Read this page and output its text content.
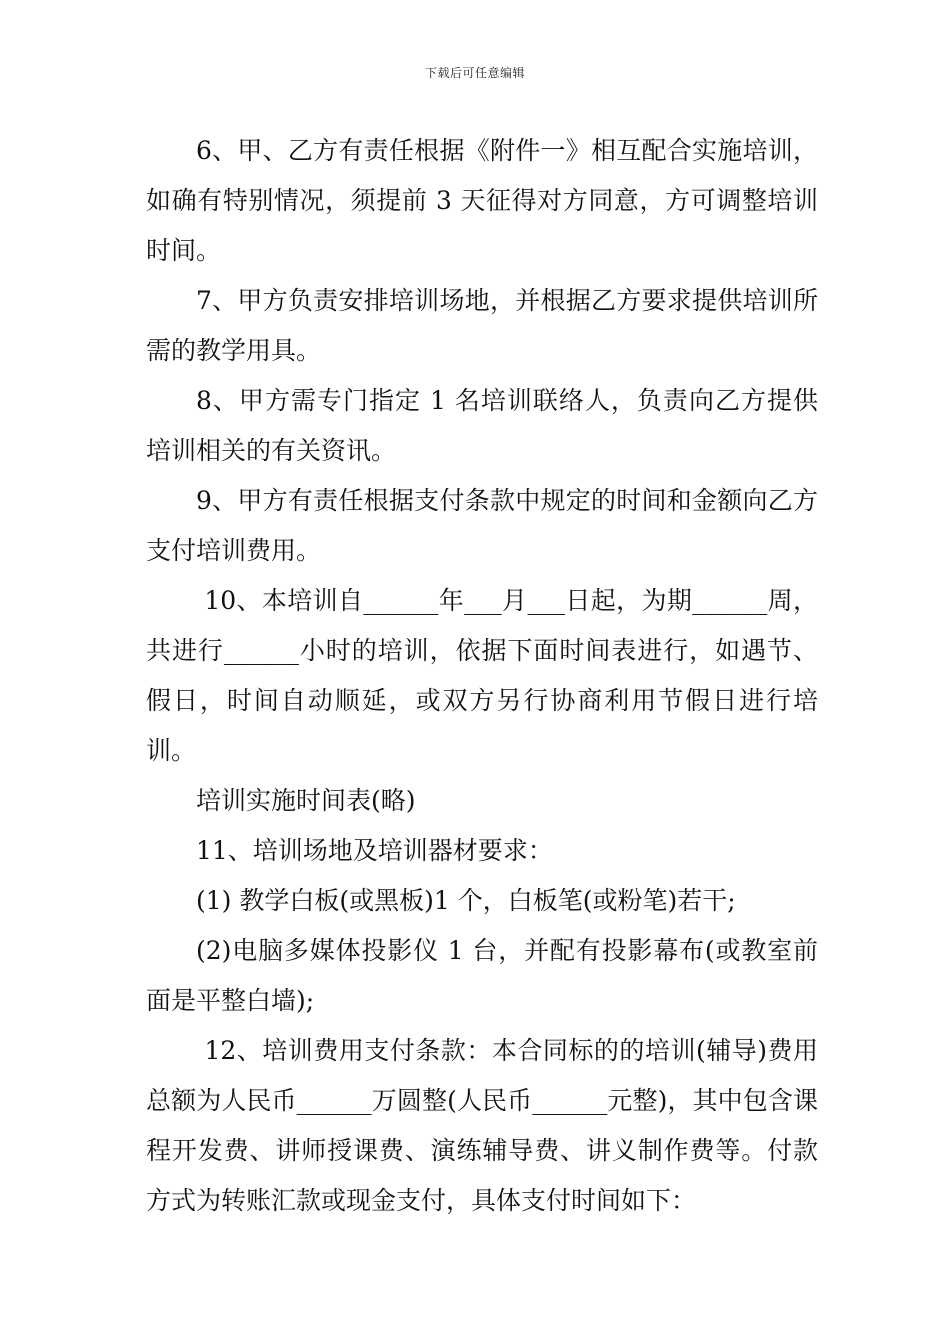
下载后可任意编辑

6、甲、乙方有责任根据《附件一》相互配合实施培训，如确有特别情况，须提前 3 天征得对方同意，方可调整培训时间。

7、甲方负责安排培训场地，并根据乙方要求提供培训所需的教学用具。

8、甲方需专门指定 1 名培训联络人，负责向乙方提供培训相关的有关资讯。

9、甲方有责任根据支付条款中规定的时间和金额向乙方支付培训费用。

10、本培训自______年___月___日起，为期______周，共进行______小时的培训，依据下面时间表进行，如遇节、假日，时间自动顺延，或双方另行协商利用节假日进行培训。

培训实施时间表(略)

11、培训场地及培训器材要求：

(1) 教学白板(或黑板)1 个，白板笔(或粉笔)若干;

(2)电脑多媒体投影仪 1 台，并配有投影幕布(或教室前面是平整白墙);

12、培训费用支付条款：本合同标的的培训(辅导)费用总额为人民币______万圆整(人民币______元整)，其中包含课程开发费、讲师授课费、演练辅导费、讲义制作费等。付款方式为转账汇款或现金支付，具体支付时间如下：
